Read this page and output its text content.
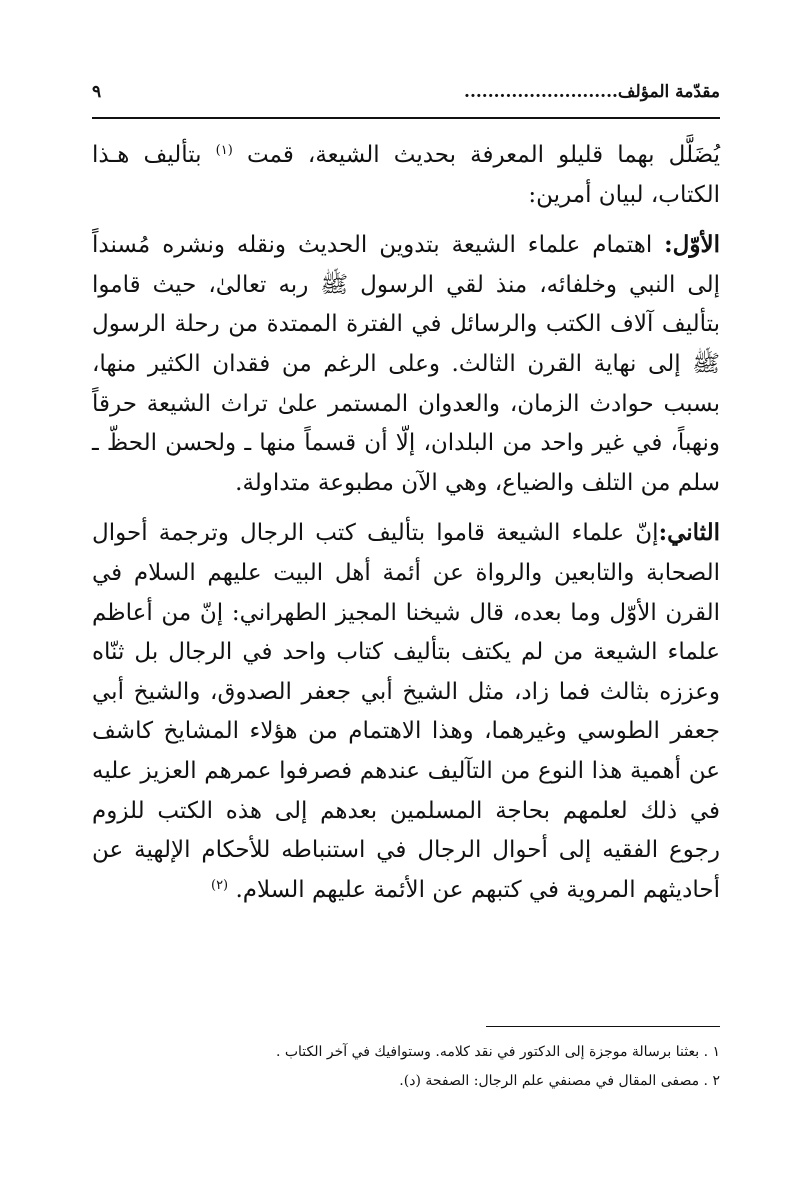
مقدّمة المؤلف..........................
٩

يُضَلَّل بهما قليلو المعرفة بحديث الشيعة، قمت $^{(١)}$ بتأليف هـذا الكتاب، لبيان أمرين:

الأوّل: اهتمام علماء الشيعة بتدوين الحديث ونقله ونشره مُسنداً إلى النبي وخلفائه، منذ لقي الرسول ﷺ ربه تعالىٰ، حيث قاموا بتأليف آلاف الكتب والرسائل في الفترة الممتدة من رحلة الرسول ﷺ إلى نهاية القرن الثالث. وعلى الرغم من فقدان الكثير منها، بسبب حوادث الزمان، والعدوان المستمر علىٰ تراث الشيعة حرقاً ونهباً، في غير واحد من البلدان، إلّا أن قسماً منها ـ ولحسن الحظّ ـ سلم من التلف والضياع، وهي الآن مطبوعة متداولة.

الثاني:إنّ علماء الشيعة قاموا بتأليف كتب الرجال وترجمة أحوال الصحابة والتابعين والرواة عن أئمة أهل البيت عليهم السلام في القرن الأوّل وما بعده، قال شيخنا المجيز الطهراني: إنّ من أعاظم علماء الشيعة من لم يكتف بتأليف كتاب واحد في الرجال بل ثنّاه وعززه بثالث فما زاد، مثل الشيخ أبي جعفر الصدوق، والشيخ أبي جعفر الطوسي وغيرهما، وهذا الاهتمام من هؤلاء المشايخ كاشف عن أهمية هذا النوع من التآليف عندهم فصرفوا عمرهم العزيز عليه في ذلك لعلمهم بحاجة المسلمين بعدهم إلى هذه الكتب للزوم رجوع الفقيه إلى أحوال الرجال في استنباطه للأحكام الإلهية عن أحاديثهم المروية في كتبهم عن الأئمة عليهم السلام. $^{(٢)}$

١ . بعثنا برسالة موجزة إلى الدكتور في نقد كلامه. وستوافيك في آخر الكتاب .

٢ . مصفى المقال في مصنفي علم الرجال: الصفحة (د).
